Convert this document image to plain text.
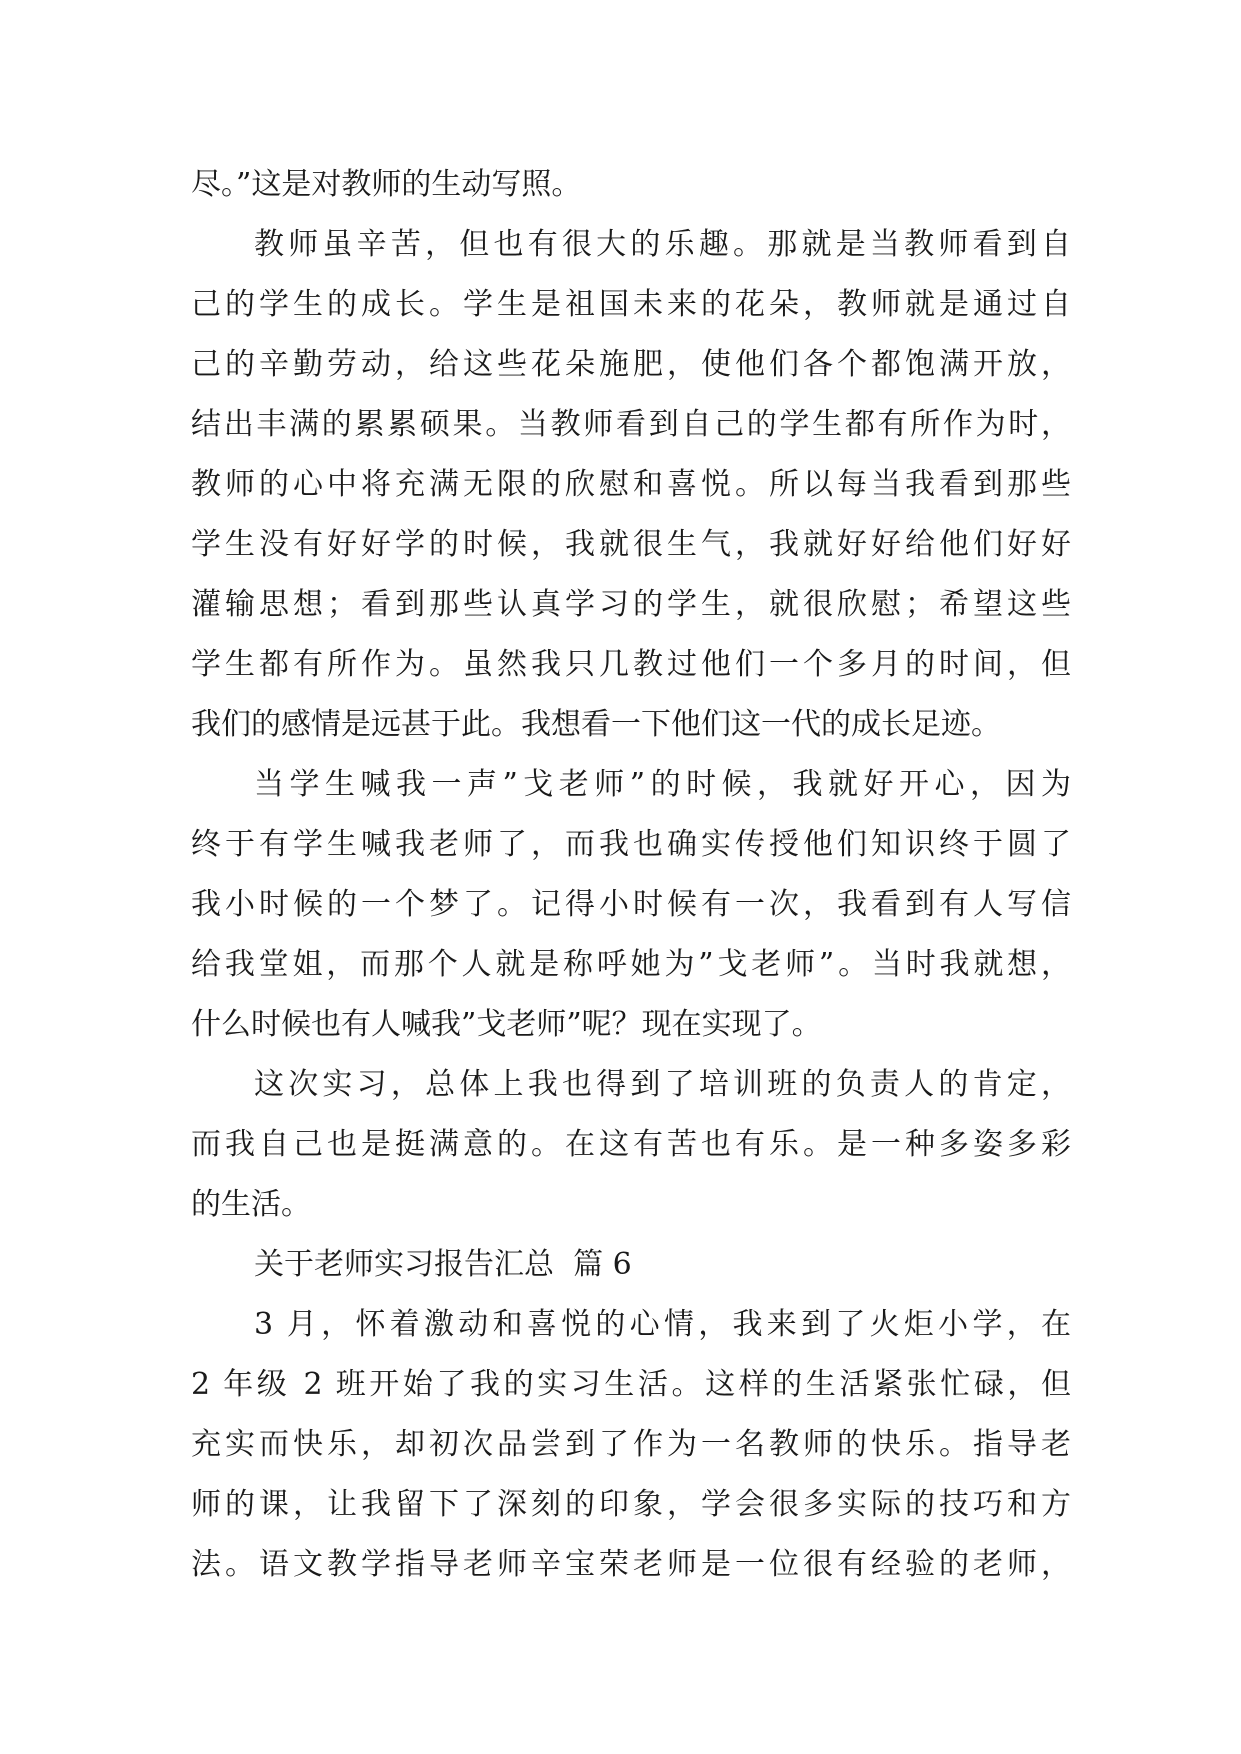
尽。”这是对教师的生动写照。
教师虽辛苦，但也有很大的乐趣。那就是当教师看到自
己的学生的成长。学生是祖国未来的花朵，教师就是通过自
己的辛勤劳动，给这些花朵施肥，使他们各个都饱满开放，
结出丰满的累累硕果。当教师看到自己的学生都有所作为时，
教师的心中将充满无限的欣慰和喜悦。所以每当我看到那些
学生没有好好学的时候，我就很生气，我就好好给他们好好
灌输思想；看到那些认真学习的学生，就很欣慰；希望这些
学生都有所作为。虽然我只几教过他们一个多月的时间，但
我们的感情是远甚于此。我想看一下他们这一代的成长足迹。
当学生喊我一声”戈老师”的时候，我就好开心，因为
终于有学生喊我老师了，而我也确实传授他们知识终于圆了
我小时候的一个梦了。记得小时候有一次，我看到有人写信
给我堂姐，而那个人就是称呼她为”戈老师”。当时我就想，
什么时候也有人喊我”戈老师”呢？现在实现了。
这次实习，总体上我也得到了培训班的负责人的肯定，
而我自己也是挺满意的。在这有苦也有乐。是一种多姿多彩
的生活。
关于老师实习报告汇总  篇 6
3 月，怀着激动和喜悦的心情，我来到了火炬小学，在
2 年级 2 班开始了我的实习生活。这样的生活紧张忙碌，但
充实而快乐，却初次品尝到了作为一名教师的快乐。指导老
师的课，让我留下了深刻的印象，学会很多实际的技巧和方
法。语文教学指导老师辛宝荣老师是一位很有经验的老师，
